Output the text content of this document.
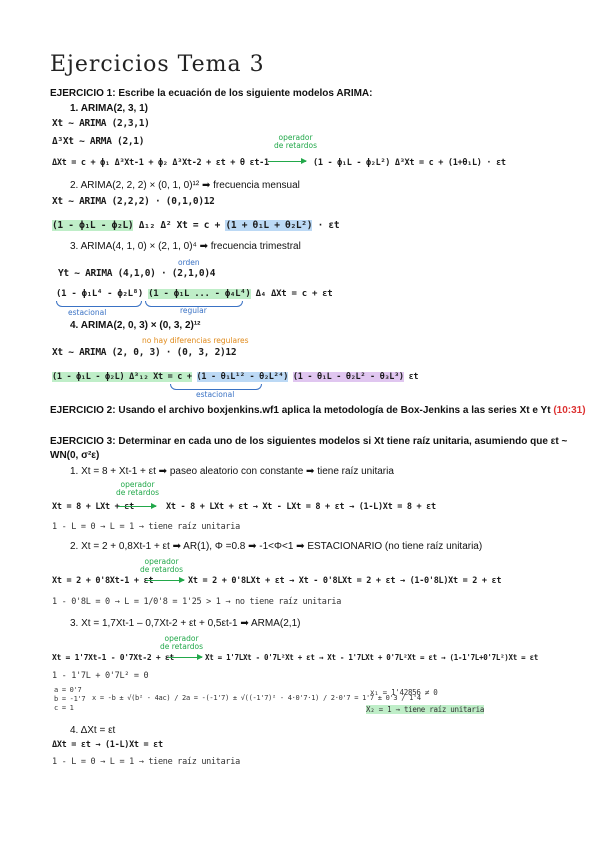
Ejercicios Tema 3
EJERCICIO 1: Escribe la ecuación de los siguiente modelos ARIMA:
1. ARIMA(2, 3, 1)
Xt ~ ARIMA (2,3,1)
Δ³Xt ~ ARMA (2,1)	operador
de retardos
ΔXt = c + ϕ₁ Δ³Xt-1 + ϕ₂ Δ³Xt-2 + εt + θ εt-1	(1 - ϕ₁L - ϕ₂L²) Δ³Xt = c + (1+θ₁L) · εt
2. ARIMA(2, 2, 2) × (0, 1, 0)¹² ➡ frecuencia mensual
Xt ~ ARIMA (2,2,2) · (0,1,0)12
(1 - ϕ₁L - ϕ₂L) Δ₁₂ Δ² Xt = c + (1 + θ₁L + θ₂L²) · εt
3. ARIMA(4, 1, 0) × (2, 1, 0)⁴ ➡ frecuencia trimestral
orden
Yt ~ ARIMA (4,1,0) · (2,1,0)4
(1 - ϕ₁L⁴ - ϕ₂L⁸) (1 - ϕ₁L ... - ϕ₄L⁴) Δ₄ ΔXt = c + εt
estacional	regular
4. ARIMA(2, 0, 3) × (0, 3, 2)¹²
no hay diferencias regulares
Xt ~ ARIMA (2, 0, 3) · (0, 3, 2)12
(1 - ϕ₁L - ϕ₂L) Δ³₁₂ Xt = c + (1 - θ₁L¹² - θ₂L²⁴) (1 - θ₁L - θ₂L² - θ₃L³) εt
estacional
EJERCICIO 2: Usando el archivo boxjenkins.wf1 aplica la metodología de Box-Jenkins a las series Xt e Yt (10:31)
EJERCICIO 3: Determinar en cada uno de los siguientes modelos si Xt tiene raíz unitaria, asumiendo que εt ~
WN(0, σ²ε)
1. Xt = 8 + Xt-1 + εt ➡ paseo aleatorio con constante ➡ tiene raíz unitaria
operador
de retardos
Xt = 8 + LXt + εt	Xt - 8 + LXt + εt → Xt - LXt = 8 + εt → (1-L)Xt = 8 + εt
1 - L = 0 → L = 1 → tiene raíz unitaria
2. Xt = 2 + 0,8Xt-1 + εt ➡ AR(1), Φ =0.8 ➡ -1<Φ<1 ➡ ESTACIONARIO (no tiene raíz unitaria)
operador
de retardos
Xt = 2 + 0'8Xt-1 + εt	Xt = 2 + 0'8LXt + εt → Xt - 0'8LXt = 2 + εt → (1-0'8L)Xt = 2 + εt
1 - 0'8L = 0 → L = 1/0'8 = 1'25 > 1 → no tiene raíz unitaria
3. Xt = 1,7Xt-1 – 0,7Xt-2 + εt + 0,5εt-1 ➡ ARMA(2,1)
operador
de retardos
Xt = 1'7Xt-1 - 0'7Xt-2 + εt	Xt = 1'7LXt - 0'7L²Xt + εt → Xt - 1'7LXt + 0'7L²Xt = εt → (1-1'7L+0'7L²)Xt = εt
1 - 1'7L + 0'7L² = 0
a = 0'7
b = -1'7
c = 1
x = -b ± √(b² - 4ac) / 2a = -(-1'7) ± √((-1'7)² - 4·0'7·1) / 2·0'7 = 1'7 ± 0'3 / 1'4
x₁ = 1'42856 ≠ 0
X₂ = 1 → tiene raíz unitaria
4. ΔXt = εt
ΔXt = εt → (1-L)Xt = εt
1 - L = 0 → L = 1 → tiene raíz unitaria
